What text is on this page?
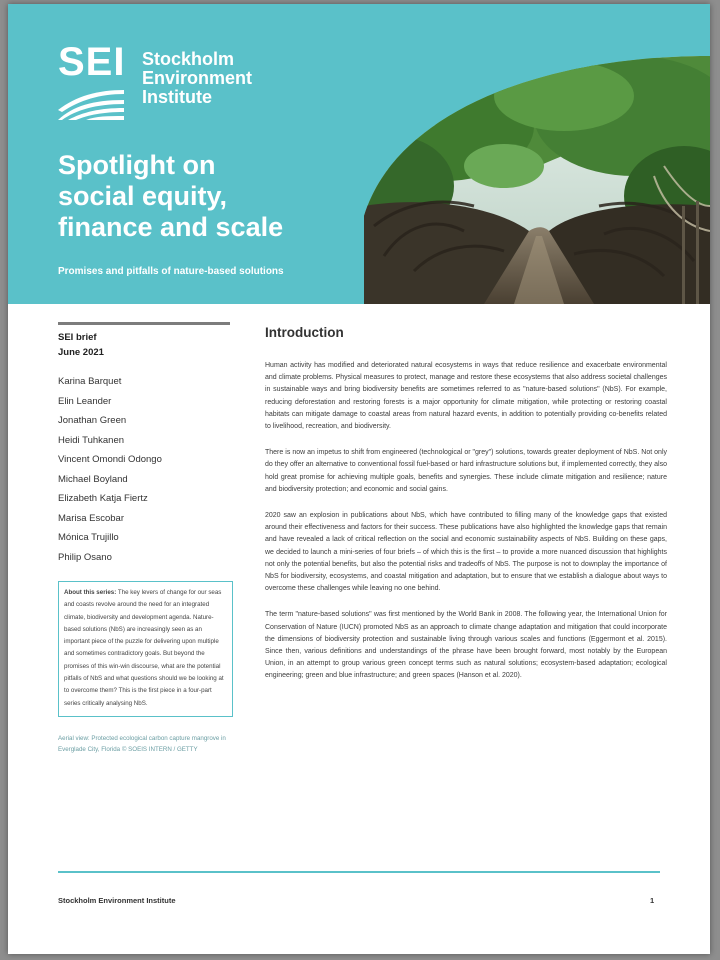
SEI Stockholm
Environment
Institute
Spotlight on
social equity,
finance and scale
Promises and pitfalls of nature-based solutions
SEI brief
June 2021
Karina Barquet
Elin Leander
Jonathan Green
Heidi Tuhkanen
Vincent Omondi Odongo
Michael Boyland
Elizabeth Katja Fiertz
Marisa Escobar
Mónica Trujillo
Philip Osano
About this series: The key levers of change for our seas and coasts revolve around the need for an integrated climate, biodiversity and development agenda. Nature-based solutions (NbS) are increasingly seen as an important piece of the puzzle for delivering upon multiple and sometimes contradictory goals. But beyond the promises of this win-win discourse, what are the potential pitfalls of NbS and what questions should we be looking at to overcome them? This is the first piece in a four-part series critically analysing NbS.
Aerial view: Protected ecological carbon capture mangrove in Everglade City, Florida © SOEIS INTERN / GETTY
Introduction

Human activity has modified and deteriorated natural ecosystems in ways that reduce resilience and exacerbate environmental and climate problems. Physical measures to protect, manage and restore these ecosystems that also address societal challenges in sustainable ways and bring biodiversity benefits are sometimes referred to as "nature-based solutions" (NbS). For example, reducing deforestation and restoring forests is a major opportunity for climate mitigation, while protecting or restoring coastal habitats can mitigate damage to coastal areas from natural hazard events, in addition to potentially providing co-benefits related to livelihood, recreation, and biodiversity.

There is now an impetus to shift from engineered (technological or "grey") solutions, towards greater deployment of NbS. Not only do they offer an alternative to conventional fossil fuel-based or hard infrastructure solutions but, if implemented correctly, they also hold great promise for achieving multiple goals, benefits and synergies. These include climate mitigation and resilience; nature and biodiversity protection; and economic and social gains.

2020 saw an explosion in publications about NbS, which have contributed to filling many of the knowledge gaps that existed around their effectiveness and factors for their success. These publications have also highlighted the knowledge gaps that remain and have revealed a lack of critical reflection on the social and economic sustainability aspects of NbS. Building on these gaps, we decided to launch a mini-series of four briefs – of which this is the first – to provide a more nuanced discussion that highlights not only the potential benefits, but also the potential risks and tradeoffs of NbS. The purpose is not to downplay the importance of NbS for biodiversity, ecosystems, and coastal mitigation and adaptation, but to ensure that we establish a dialogue about ways to overcome these challenges while leaving no one behind.

The term "nature-based solutions" was first mentioned by the World Bank in 2008. The following year, the International Union for Conservation of Nature (IUCN) promoted NbS as an approach to climate change adaptation and mitigation that could incorporate the dimensions of biodiversity protection and sustainable living through various scales and functions (Eggermont et al. 2015). Since then, various definitions and understandings of the phrase have been brought forward, most notably by the European Union, in an attempt to group various green concept terms such as natural solutions; ecosystem-based adaptation; ecological engineering; green and blue infrastructure; and green spaces (Hanson et al. 2020).

Stockholm Environment Institute	1
